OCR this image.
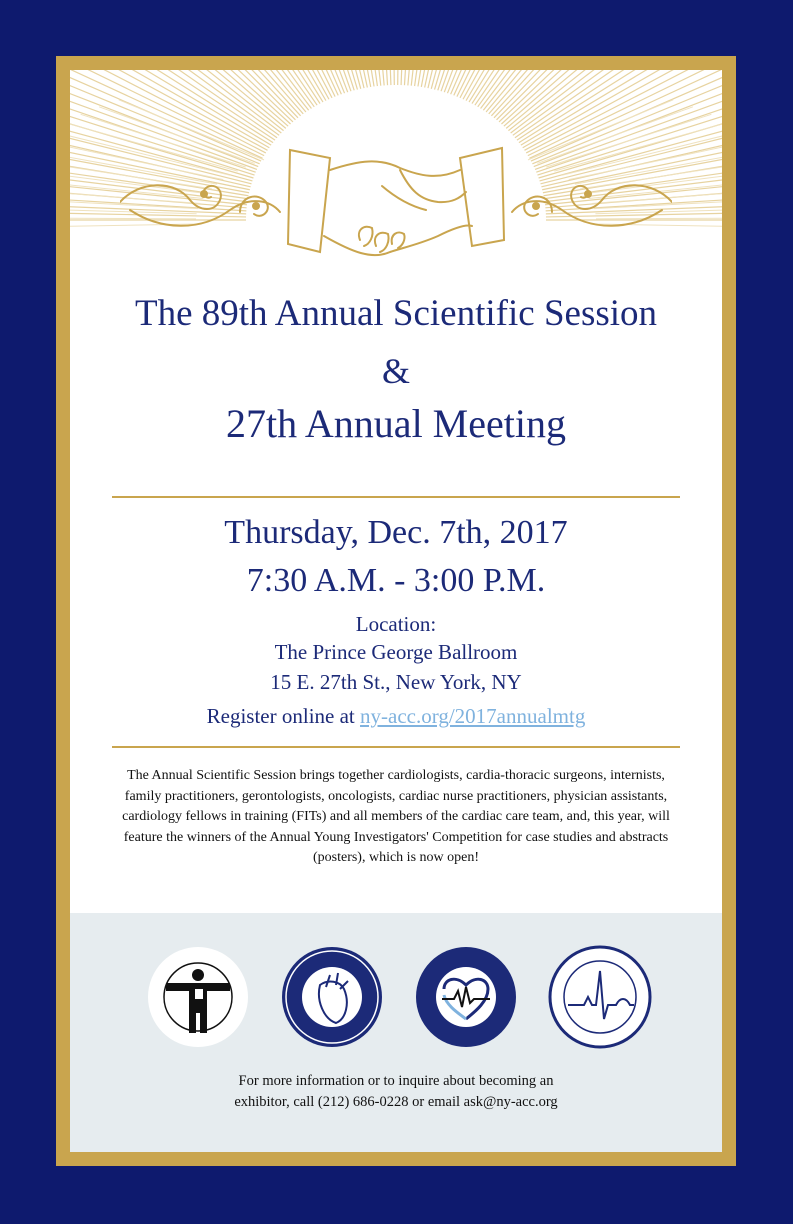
The 89th Annual Scientific Session
&
27th Annual Meeting
Thursday, Dec. 7th, 2017
7:30 A.M. - 3:00 P.M.
Location:
The Prince George Ballroom
15 E. 27th St., New York, NY
Register online at ny-acc.org/2017annualmtg
The Annual Scientific Session brings together cardiologists, cardia-thoracic surgeons, internists, family practitioners, gerontologists, oncologists, cardiac nurse practitioners, physician assistants, cardiology fellows in training (FITs) and all members of the cardiac care team, and, this year, will feature the winners of the Annual Young Investigators' Competition for case studies and abstracts (posters), which is now open!
For more information or to inquire about becoming an
exhibitor, call (212) 686-0228 or email ask@ny-acc.org
